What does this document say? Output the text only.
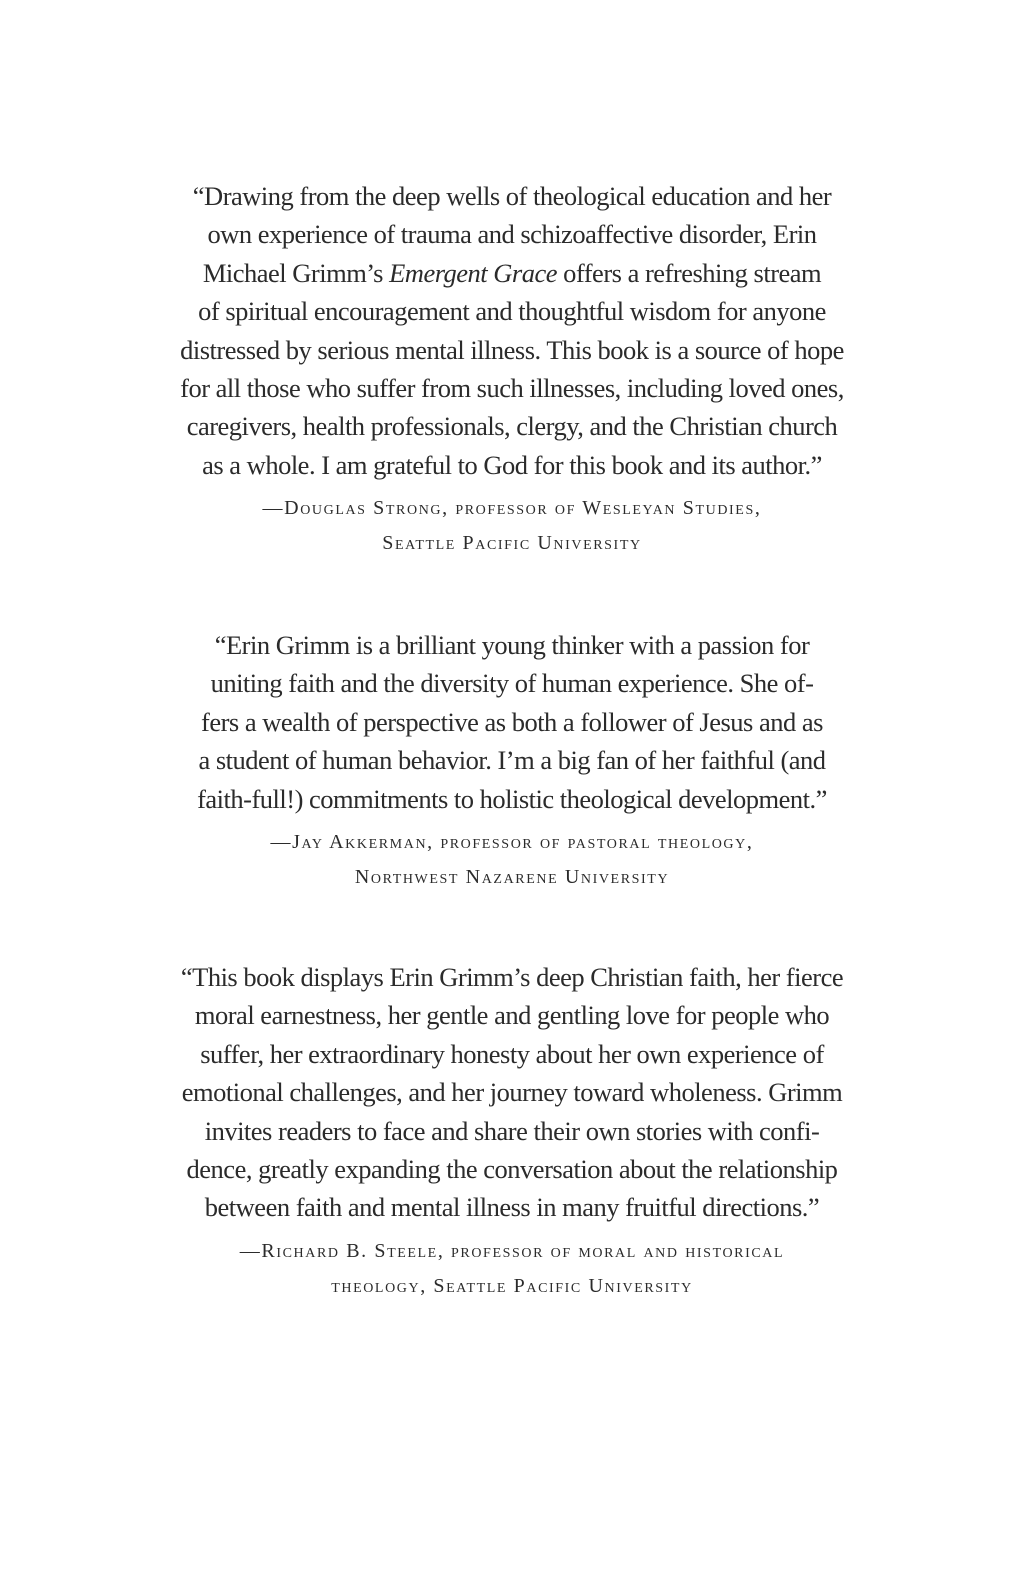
“Drawing from the deep wells of theological education and her
own experience of trauma and schizoaffective disorder, Erin
Michael Grimm’s Emergent Grace offers a refreshing stream
of spiritual encouragement and thoughtful wisdom for anyone
distressed by serious mental illness. This book is a source of hope
for all those who suffer from such illnesses, including loved ones,
caregivers, health professionals, clergy, and the Christian church
as a whole. I am grateful to God for this book and its author.”

—Douglas Strong, professor of Wesleyan Studies,
Seattle Pacific University

“Erin Grimm is a brilliant young thinker with a passion for
uniting faith and the diversity of human experience. She of-
fers a wealth of perspective as both a follower of Jesus and as
a student of human behavior. I’m a big fan of her faithful (and
faith-full!) commitments to holistic theological development.”

—Jay Akkerman, professor of pastoral theology,
Northwest Nazarene University

“This book displays Erin Grimm’s deep Christian faith, her fierce
moral earnestness, her gentle and gentling love for people who
suffer, her extraordinary honesty about her own experience of
emotional challenges, and her journey toward wholeness. Grimm
invites readers to face and share their own stories with confi-
dence, greatly expanding the conversation about the relationship
between faith and mental illness in many fruitful directions.”

—Richard B. Steele, professor of moral and historical
theology, Seattle Pacific University
